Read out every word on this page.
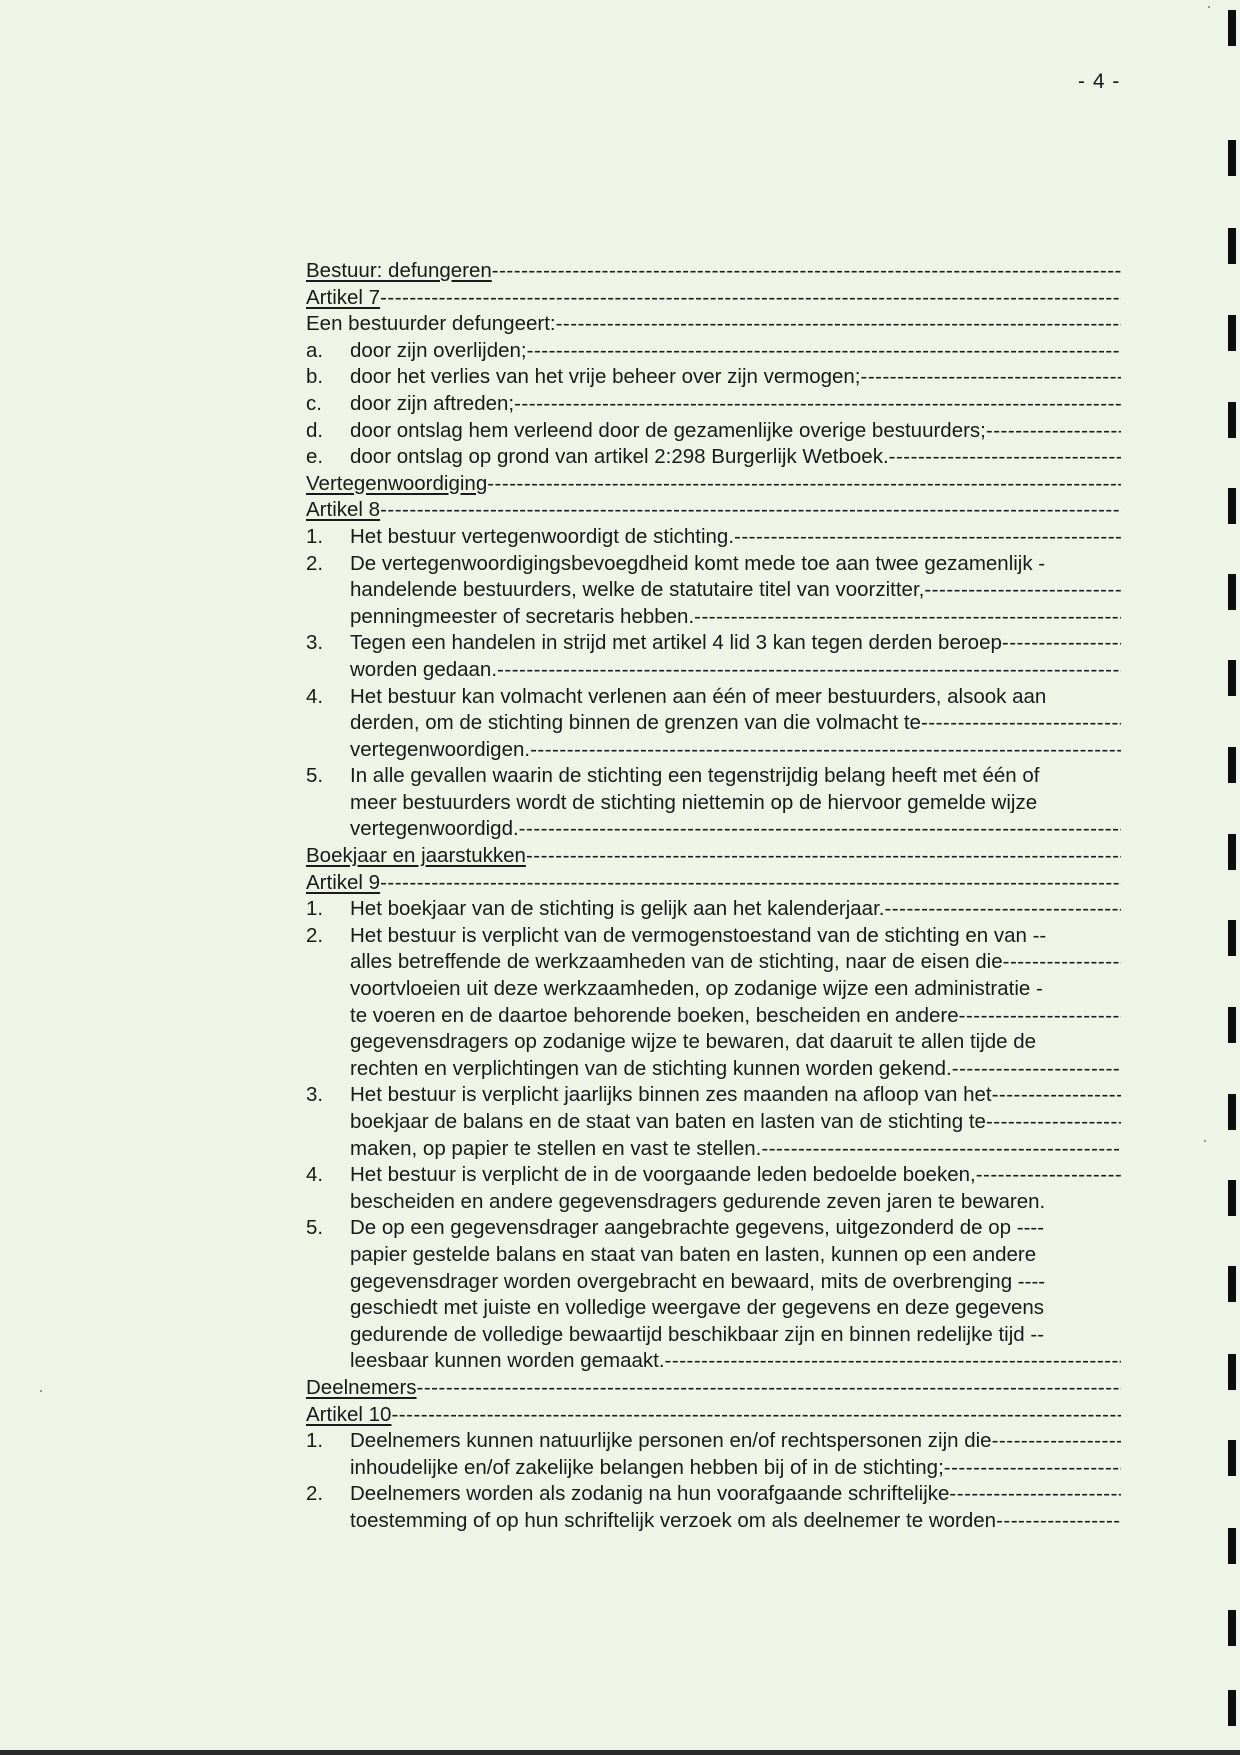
- 4 -
Bestuur: defungeren
-----
Artikel 7
-----
Een bestuurder defungeert:
-----
a.	door zijn overlijden;
-----
b.	door het verlies van het vrije beheer over zijn vermogen;
-----
c.	door zijn aftreden;
-----
d.	door ontslag hem verleend door de gezamenlijke overige bestuurders;
-----
e.	door ontslag op grond van artikel 2:298 Burgerlijk Wetboek.
-----
Vertegenwoordiging
-----
Artikel 8
-----
1.	Het bestuur vertegenwoordigt de stichting.
-----
2.	De vertegenwoordigingsbevoegdheid komt mede toe aan twee gezamenlijk -
handelende bestuurders, welke de statutaire titel van voorzitter,
-----
penningmeester of secretaris hebben.
-----
3.	Tegen een handelen in strijd met artikel 4 lid 3 kan tegen derden beroep
-----
worden gedaan.
-----
4.	Het bestuur kan volmacht verlenen aan één of meer bestuurders, alsook aan
derden, om de stichting binnen de grenzen van die volmacht te
-----
vertegenwoordigen.
-----
5.	In alle gevallen waarin de stichting een tegenstrijdig belang heeft met één of
meer bestuurders wordt de stichting niettemin op de hiervoor gemelde wijze
vertegenwoordigd.
-----
Boekjaar en jaarstukken
-----
Artikel 9
-----
1.	Het boekjaar van de stichting is gelijk aan het kalenderjaar.
-----
2.	Het bestuur is verplicht van de vermogenstoestand van de stichting en van --
alles betreffende de werkzaamheden van de stichting, naar de eisen die
-----
voortvloeien uit deze werkzaamheden, op zodanige wijze een administratie -
te voeren en de daartoe behorende boeken, bescheiden en andere
-----
gegevensdragers op zodanige wijze te bewaren, dat daaruit te allen tijde de
rechten en verplichtingen van de stichting kunnen worden gekend.
-----
3.	Het bestuur is verplicht jaarlijks binnen zes maanden na afloop van het
-----
boekjaar de balans en de staat van baten en lasten van de stichting te
-----
maken, op papier te stellen en vast te stellen.
-----
4.	Het bestuur is verplicht de in de voorgaande leden bedoelde boeken,
-----
bescheiden en andere gegevensdragers gedurende zeven jaren te bewaren.
5.	De op een gegevensdrager aangebrachte gegevens, uitgezonderd de op ----
papier gestelde balans en staat van baten en lasten, kunnen op een andere
gegevensdrager worden overgebracht en bewaard, mits de overbrenging ----
geschiedt met juiste en volledige weergave der gegevens en deze gegevens
gedurende de volledige bewaartijd beschikbaar zijn en binnen redelijke tijd --
leesbaar kunnen worden gemaakt.
-----
Deelnemers
-----
Artikel 10
-----
1.	Deelnemers kunnen natuurlijke personen en/of rechtspersonen zijn die
-----
inhoudelijke en/of zakelijke belangen hebben bij of in de stichting;
-----
2.	Deelnemers worden als zodanig na hun voorafgaande schriftelijke
-----
toestemming of op hun schriftelijk verzoek om als deelnemer te worden
-----
